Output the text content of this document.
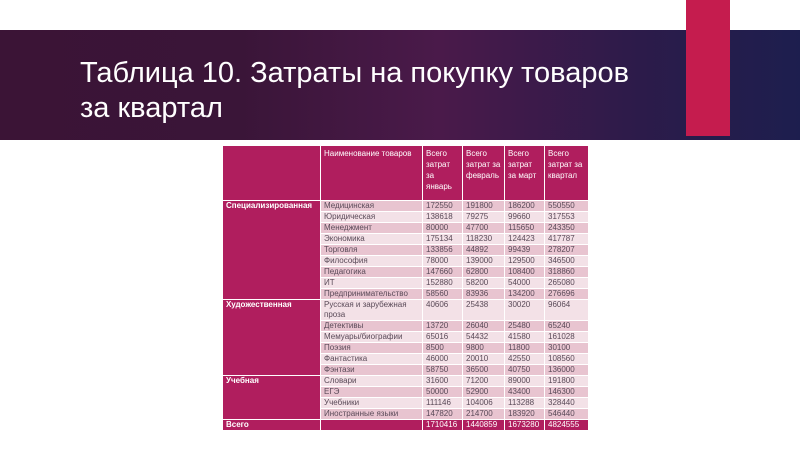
Таблица 10. Затраты на покупку товаров за квартал
	Наименование товаров	Всего затрат за январь	Всего затрат за февраль	Всего затрат за март	Всего затрат за квартал
Специализированная	Медицинская	172550	191800	186200	550550
	Юридическая	138618	79275	99660	317553
	Менеджмент	80000	47700	115650	243350
	Экономика	175134	118230	124423	417787
	Торговля	133856	44892	99439	278207
	Философия	78000	139000	129500	346500
	Педагогика	147660	62800	108400	318860
	ИТ	152880	58200	54000	265080
	Предпринимательство	58560	83936	134200	276696
Художественная	Русская и зарубежная проза	40606	25438	30020	96064
	Детективы	13720	26040	25480	65240
	Мемуары/биографии	65016	54432	41580	161028
	Поэзия	8500	9800	11800	30100
	Фантастика	46000	20010	42550	108560
	Фэнтази	58750	36500	40750	136000
Учебная	Словари	31600	71200	89000	191800
	ЕГЭ	50000	52900	43400	146300
	Учебники	111146	104006	113288	328440
	Иностранные языки	147820	214700	183920	546440
Всего		1710416	1440859	1673280	4824555
